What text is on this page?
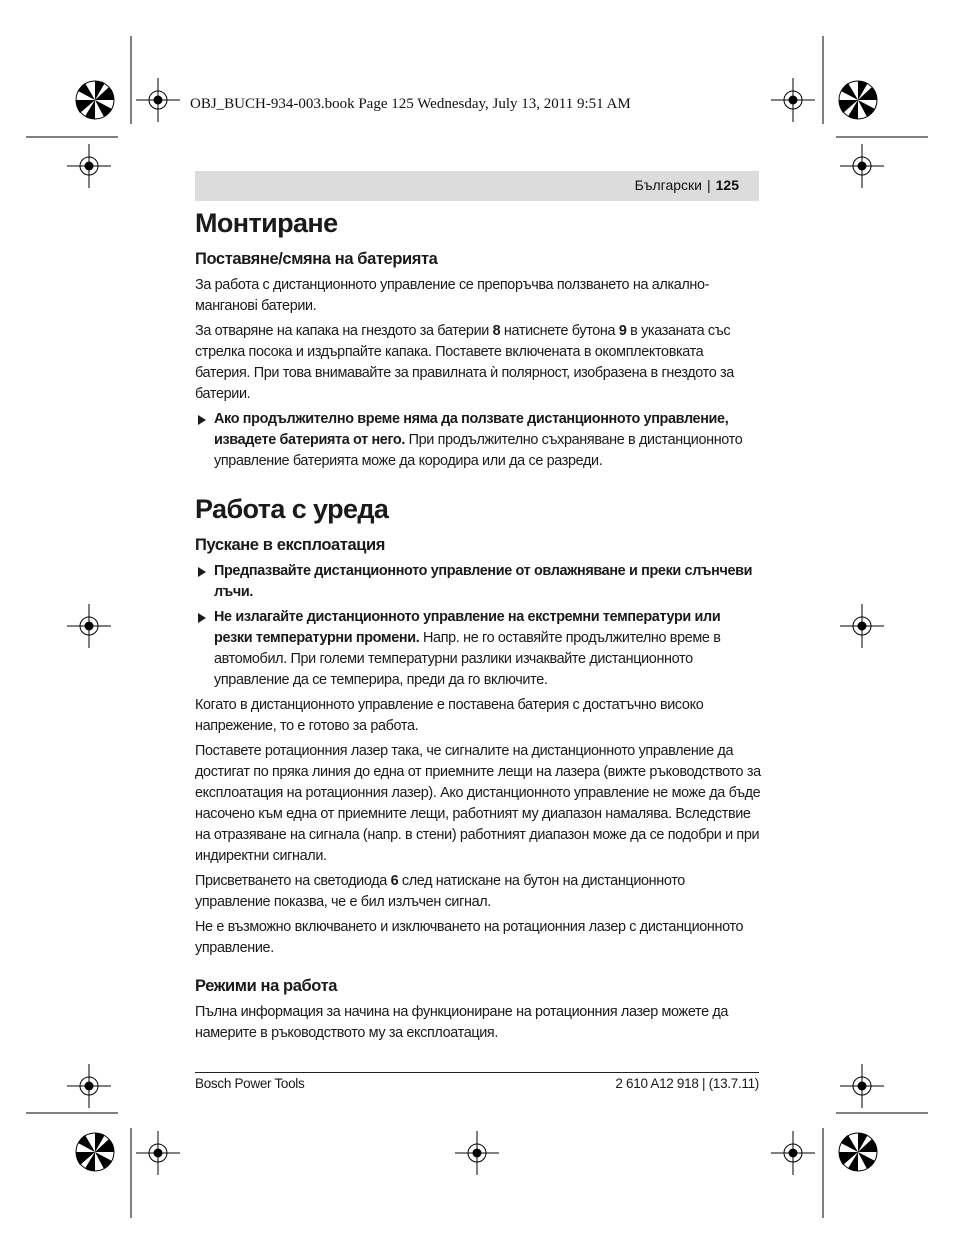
OBJ_BUCH-934-003.book Page 125 Wednesday, July 13, 2011 9:51 AM
Български | 125
Монтиране
Поставяне/смяна на батерията

За работа с дистанционното управление се препоръчва ползването на алкално-мангановi батерии.

За отваряне на капака на гнездото за батерии 8 натиснете бутона 9 в указаната със стрелка посока и издърпайте капака. Поставете включената в окомплектовката батерия. При това внимавайте за правилната ѝ полярност, изобразена в гнездото за батерии.

Ако продължително време няма да ползвате дистанционното управление, извадете батерията от него. При продължително съхраняване в дистанционното управление батерията може да кородира или да се разреди.
Работа с уреда
Пускане в експлоатация
Предпазвайте дистанционното управление от овлажняване и преки слънчеви лъчи.
Не излагайте дистанционното управление на екстремни температури или резки температурни промени. Напр. не го оставяйте продължително време в автомобил. При големи температурни разлики изчаквайте дистанционното управление да се темперира, преди да го включите.

Когато в дистанционното управление е поставена батерия с достатъчно високо напрежение, то е готово за работа.

Поставете ротационния лазер така, че сигналите на дистанционното управление да достигат по пряка линия до една от приемните лещи на лазера (вижте ръководството за експлоатация на ротационния лазер). Ако дистанционното управление не може да бъде насочено към една от приемните лещи, работният му диапазон намалява. Вследствие на отразяване на сигнала (напр. в стени) работният диапазон може да се подобри и при индиректни сигнали.

Присветването на светодиода 6 след натискане на бутон на дистанционното управление показва, че е бил излъчен сигнал.

Не е възможно включването и изключването на ротационния лазер с дистанционното управление.

Режими на работа

Пълна информация за начина на функциониране на ротационния лазер можете да намерите в ръководството му за експлоатация.

Bosch Power Tools	2 610 A12 918 | (13.7.11)
